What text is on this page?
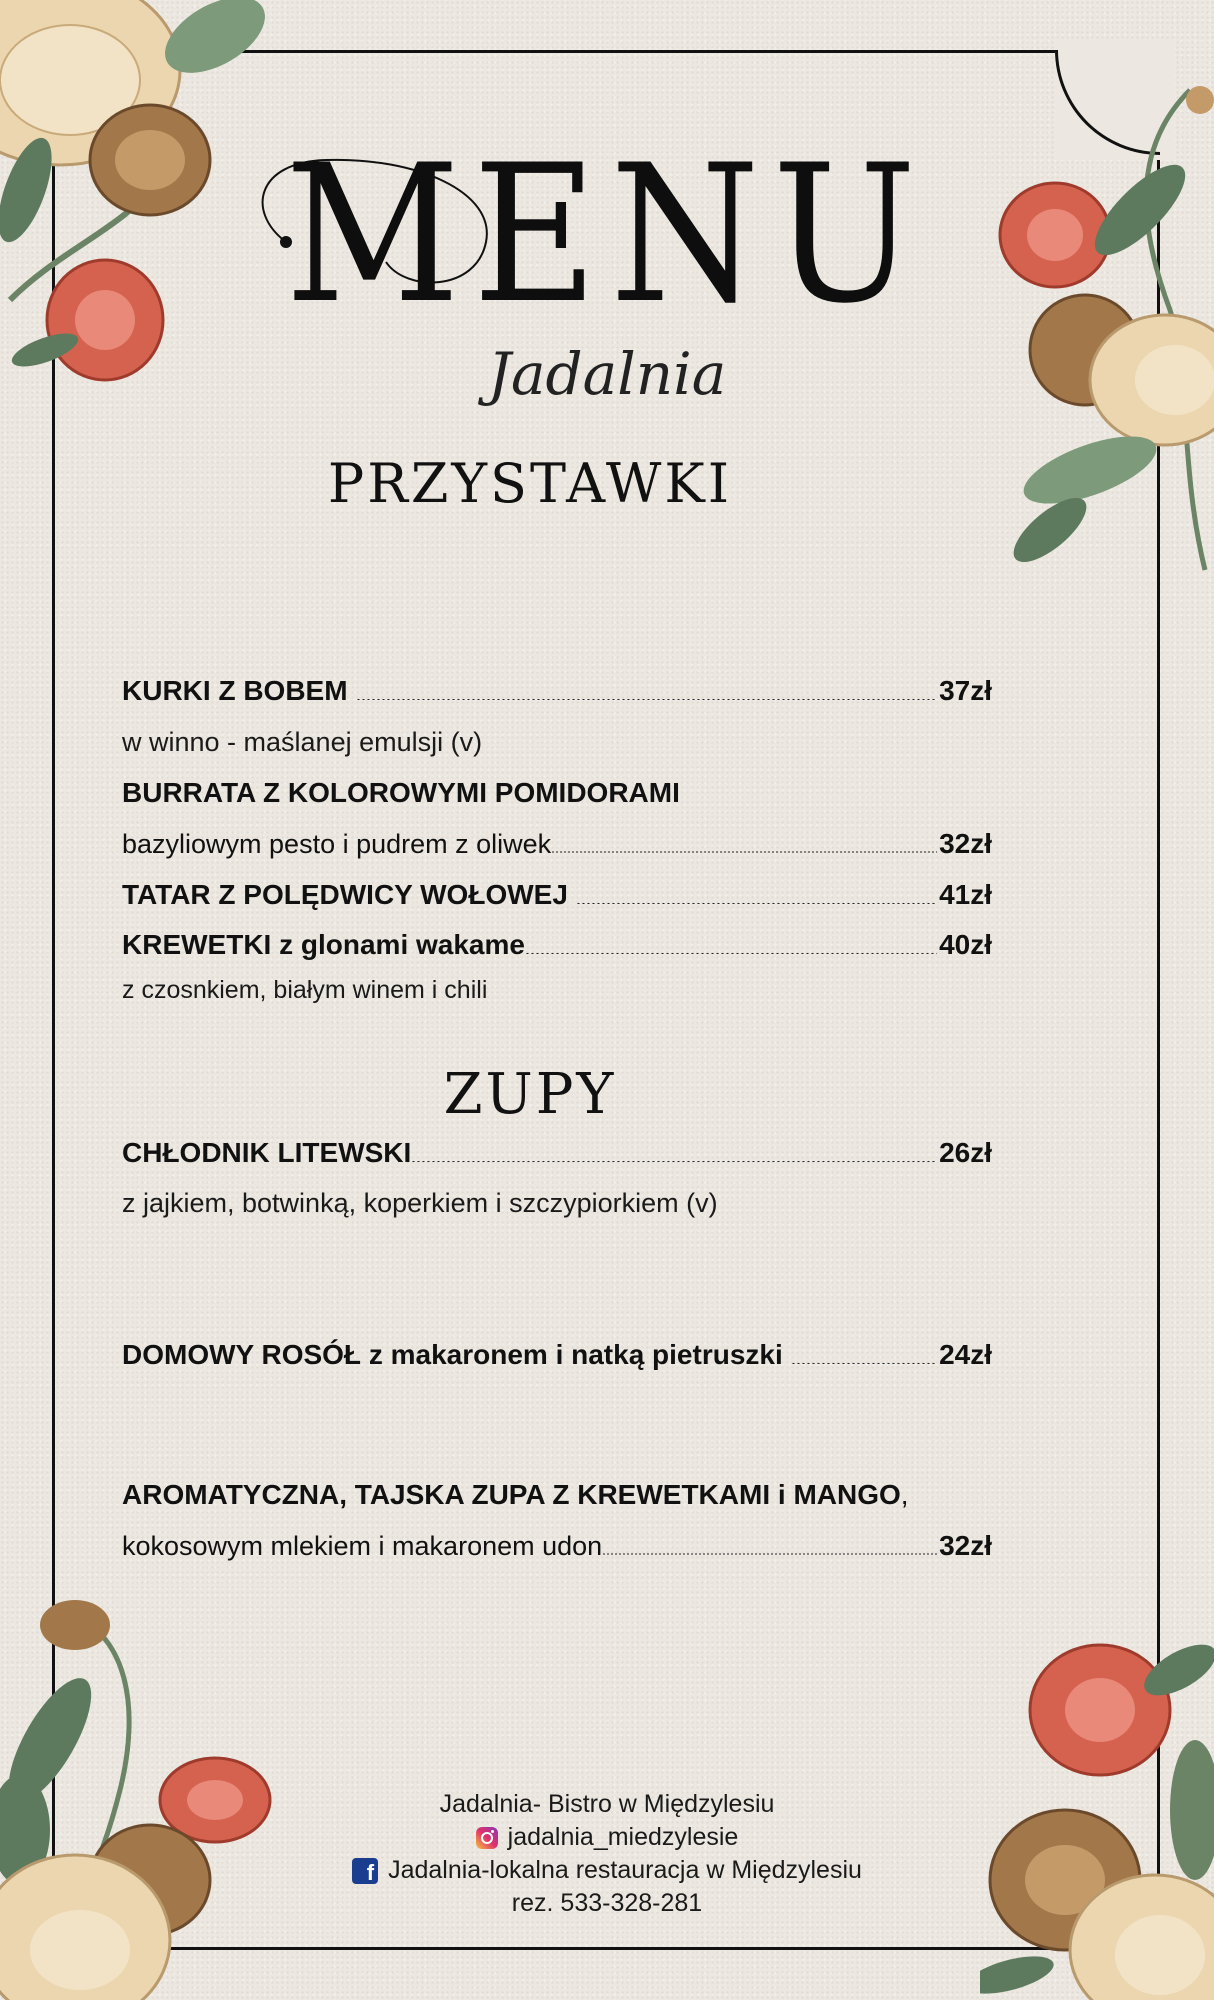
MENU
Jadalnia
PRZYSTAWKI
KURKI Z BOBEM	37zł
w winno - maślanej emulsji (v)
BURRATA Z KOLOROWYMI POMIDORAMI
bazyliowym pesto i pudrem z oliwek	32zł
TATAR Z POLĘDWICY WOŁOWEJ	41zł
KREWETKI z glonami wakame	40zł
z czosnkiem, białym winem i chili
ZUPY
CHŁODNIK LITEWSKI	26zł
z jajkiem, botwinką, koperkiem i szczypiorkiem (v)
DOMOWY ROSÓŁ z makaronem i natką pietruszki	24zł
AROMATYCZNA, TAJSKA ZUPA Z KREWETKAMI i MANGO,
kokosowym mlekiem i makaronem udon	32zł
Jadalnia- Bistro w Międzylesiu
jadalnia_miedzylesie
f Jadalnia-lokalna restauracja w Międzylesiu
rez. 533-328-281
